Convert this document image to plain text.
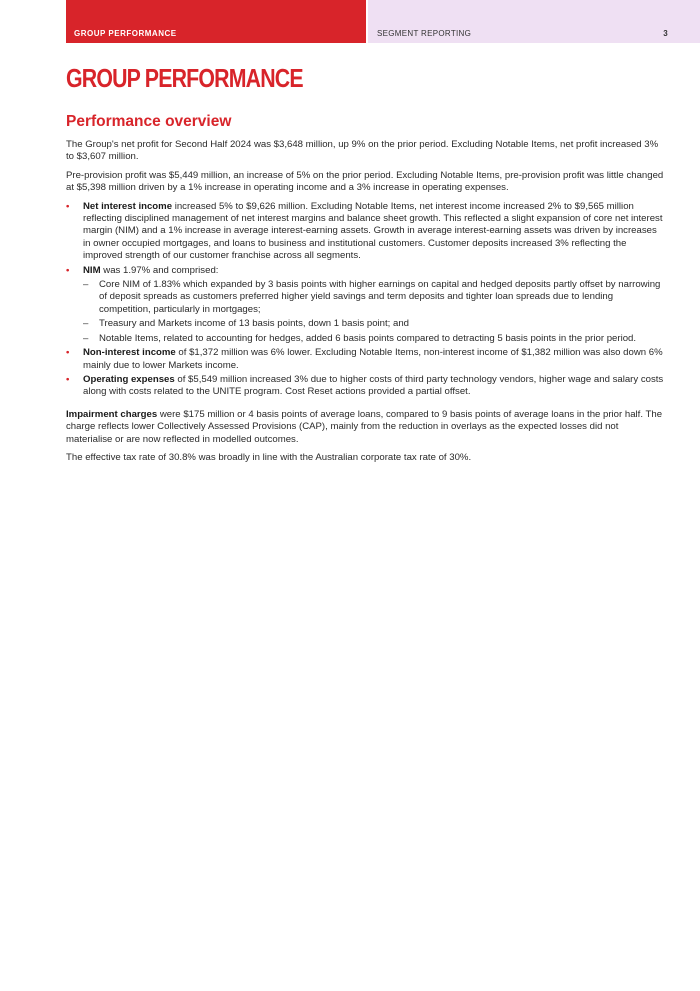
GROUP PERFORMANCE	SEGMENT REPORTING	3
GROUP PERFORMANCE
Performance overview

The Group's net profit for Second Half 2024 was $3,648 million, up 9% on the prior period. Excluding Notable Items, net profit increased 3% to $3,607 million.

Pre-provision profit was $5,449 million, an increase of 5% on the prior period. Excluding Notable Items, pre-provision profit was little changed at $5,398 million driven by a 1% increase in operating income and a 3% increase in operating expenses.

• Net interest income increased 5% to $9,626 million. Excluding Notable Items, net interest income increased 2% to $9,565 million reflecting disciplined management of net interest margins and balance sheet growth. This reflected a slight expansion of core net interest margin (NIM) and a 1% increase in average interest-earning assets. Growth in average interest-earning assets was driven by increases in owner occupied mortgages, and loans to business and institutional customers. Customer deposits increased 3% reflecting the improved strength of our customer franchise across all segments.
• NIM was 1.97% and comprised:
– Core NIM of 1.83% which expanded by 3 basis points with higher earnings on capital and hedged deposits partly offset by narrowing of deposit spreads as customers preferred higher yield savings and term deposits and tighter loan spreads due to lending competition, particularly in mortgages;
– Treasury and Markets income of 13 basis points, down 1 basis point; and
– Notable Items, related to accounting for hedges, added 6 basis points compared to detracting 5 basis points in the prior period.
• Non-interest income of $1,372 million was 6% lower. Excluding Notable Items, non-interest income of $1,382 million was also down 6% mainly due to lower Markets income.
• Operating expenses of $5,549 million increased 3% due to higher costs of third party technology vendors, higher wage and salary costs along with costs related to the UNITE program. Cost Reset actions provided a partial offset.

Impairment charges were $175 million or 4 basis points of average loans, compared to 9 basis points of average loans in the prior half. The charge reflects lower Collectively Assessed Provisions (CAP), mainly from the reduction in overlays as the expected losses did not materialise or are now reflected in modelled outcomes.

The effective tax rate of 30.8% was broadly in line with the Australian corporate tax rate of 30%.
